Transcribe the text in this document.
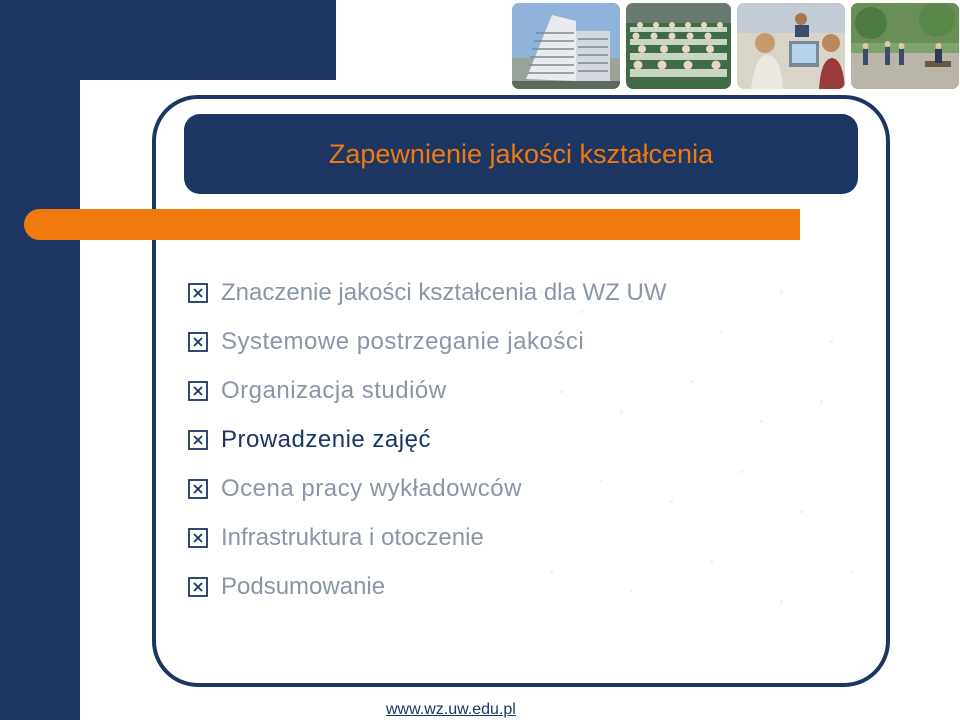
Zapewnienie jakości kształcenia
Znaczenie jakości kształcenia dla WZ UW
Systemowe postrzeganie jakości
Organizacja studiów
Prowadzenie zajęć
Ocena pracy wykładowców
Infrastruktura i otoczenie
Podsumowanie
© Wydział Zarządzania UW 2008	www.wz.uw.edu.pl
